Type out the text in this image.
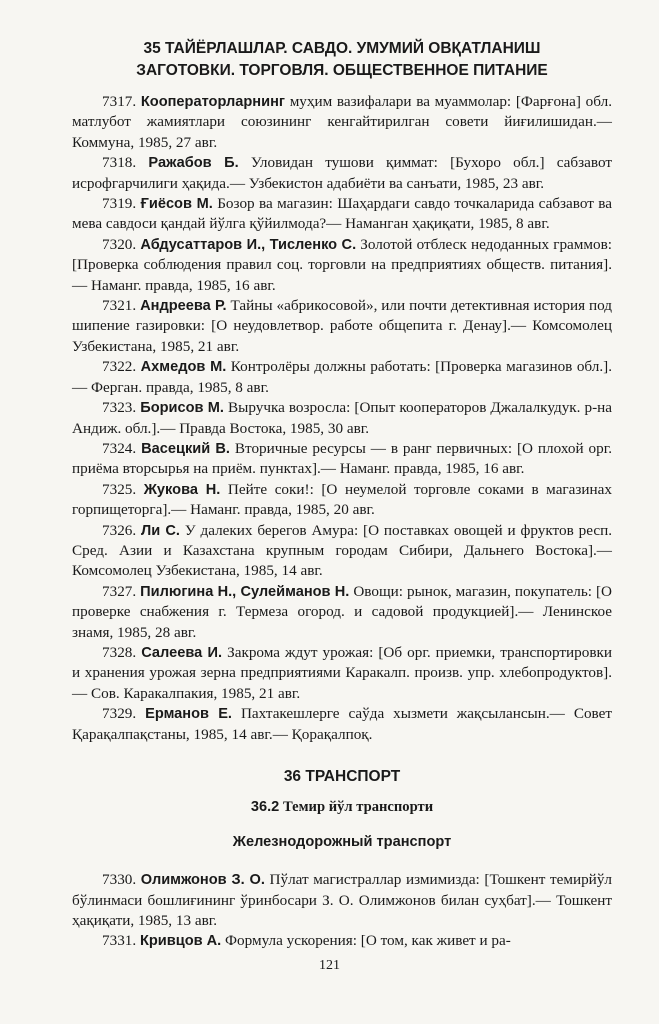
35 ТАЙЁРЛАШЛАР. САВДО. УМУМИЙ ОВҚАТЛАНИШ
ЗАГОТОВКИ. ТОРГОВЛЯ. ОБЩЕСТВЕННОЕ ПИТАНИЕ

7317. Кооператорларнинг муҳим вазифалари ва муаммолар: [Фарғона] обл. матлубот жамиятлари союзининг кенгайтирилган совети йиғилишидан.— Коммуна, 1985, 27 авг.

7318. Ражабов Б. Уловидан тушови қиммат: [Бухоро обл.] сабзавот исрофгарчилиги ҳақида.— Узбекистон адабиёти ва санъати, 1985, 23 авг.

7319. Ғиёсов М. Бозор ва магазин: Шаҳардаги савдо точкаларида сабзавот ва мева савдоси қандай йўлга қўйилмода?— Наманган ҳақиқати, 1985, 8 авг.

7320. Абдусаттаров И., Тисленко С. Золотой отблеск недоданных граммов: [Проверка соблюдения правил соц. торговли на предприятиях обществ. питания].— Наманг. правда, 1985, 16 авг.

7321. Андреева Р. Тайны «абрикосовой», или почти детективная история под шипение газировки: [О неудовлетвор. работе общепита г. Денау].— Комсомолец Узбекистана, 1985, 21 авг.

7322. Ахмедов М. Контролёры должны работать: [Проверка магазинов обл.].— Ферган. правда, 1985, 8 авг.

7323. Борисов М. Выручка возросла: [Опыт кооператоров Джалалкудук. р-на Андиж. обл.].— Правда Востока, 1985, 30 авг.

7324. Васецкий В. Вторичные ресурсы — в ранг первичных: [О плохой орг. приёма вторсырья на приём. пунктах].— Наманг. правда, 1985, 16 авг.

7325. Жукова Н. Пейте соки!: [О неумелой торговле соками в магазинах горпищеторга].— Наманг. правда, 1985, 20 авг.

7326. Ли С. У далеких берегов Амура: [О поставках овощей и фруктов респ. Сред. Азии и Казахстана крупным городам Сибири, Дальнего Востока].— Комсомолец Узбекистана, 1985, 14 авг.

7327. Пилюгина Н., Сулейманов Н. Овощи: рынок, магазин, покупатель: [О проверке снабжения г. Термеза огород. и садовой продукцией].— Ленинское знамя, 1985, 28 авг.

7328. Салеева И. Закрома ждут урожая: [Об орг. приемки, транспортировки и хранения урожая зерна предприятиями Каракалп. произв. упр. хлебопродуктов].— Сов. Каракалпакия, 1985, 21 авг.

7329. Ерманов Е. Пахтакешлерге саўда хызмети жақсылансын.— Совет Қарақалпақстаны, 1985, 14 авг.— Қорақалпоқ.

36 ТРАНСПОРТ
36.2 Темир йўл транспорти
Железнодорожный транспорт

7330. Олимжонов З. О. Пўлат магистраллар измимизда: [Тошкент темирйўл бўлинмаси бошлиғининг ўринбосари З. О. Олимжонов билан суҳбат].— Тошкент ҳақиқати, 1985, 13 авг.

7331. Кривцов А. Формула ускорения: [О том, как живет и ра-

121
